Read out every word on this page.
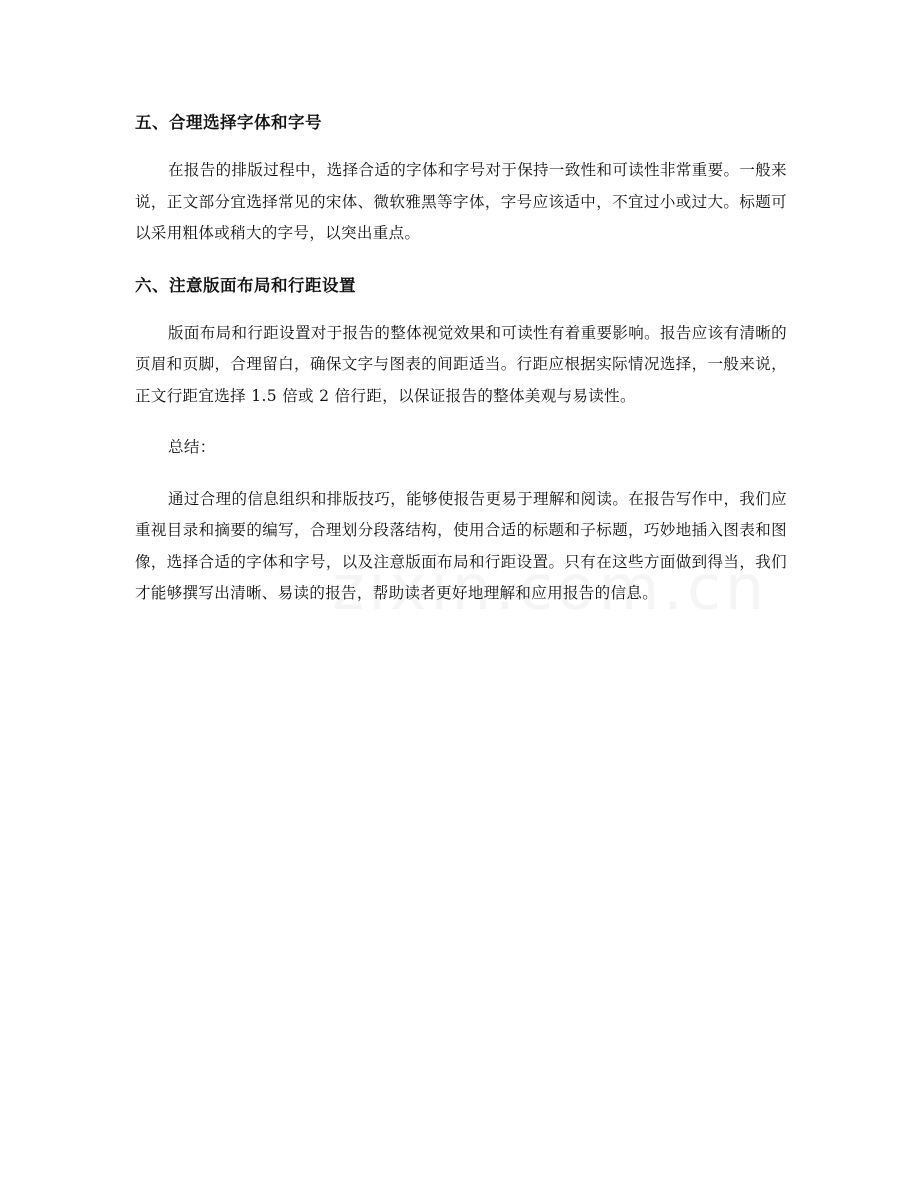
五、合理选择字体和字号

在报告的排版过程中，选择合适的字体和字号对于保持一致性和可读性非常重要。一般来说，正文部分宜选择常见的宋体、微软雅黑等字体，字号应该适中，不宜过小或过大。标题可以采用粗体或稍大的字号，以突出重点。

六、注意版面布局和行距设置

版面布局和行距设置对于报告的整体视觉效果和可读性有着重要影响。报告应该有清晰的页眉和页脚，合理留白，确保文字与图表的间距适当。行距应根据实际情况选择，一般来说，正文行距宜选择 1.5 倍或 2 倍行距，以保证报告的整体美观与易读性。

总结：

通过合理的信息组织和排版技巧，能够使报告更易于理解和阅读。在报告写作中，我们应重视目录和摘要的编写，合理划分段落结构，使用合适的标题和子标题，巧妙地插入图表和图像，选择合适的字体和字号，以及注意版面布局和行距设置。只有在这些方面做到得当，我们才能够撰写出清晰、易读的报告，帮助读者更好地理解和应用报告的信息。
